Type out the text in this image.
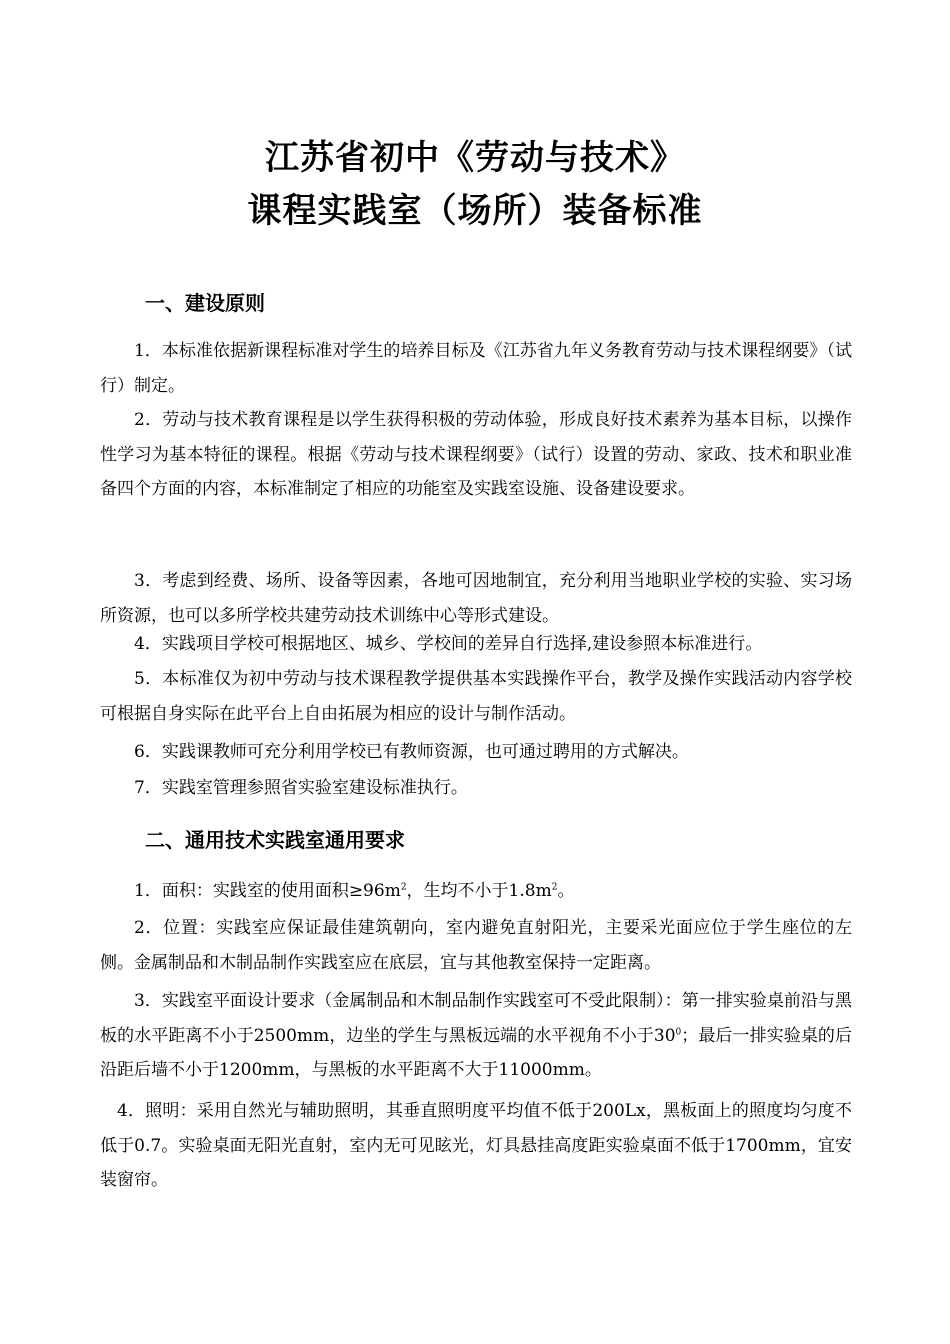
江苏省初中《劳动与技术》
课程实践室（场所）装备标准
一、建设原则
1．本标准依据新课程标准对学生的培养目标及《江苏省九年义务教育劳动与技术课程纲要》（试行）制定。
2．劳动与技术教育课程是以学生获得积极的劳动体验，形成良好技术素养为基本目标，以操作性学习为基本特征的课程。根据《劳动与技术课程纲要》（试行）设置的劳动、家政、技术和职业准备四个方面的内容，本标准制定了相应的功能室及实践室设施、设备建设要求。
3．考虑到经费、场所、设备等因素，各地可因地制宜，充分利用当地职业学校的实验、实习场所资源，也可以多所学校共建劳动技术训练中心等形式建设。
4．实践项目学校可根据地区、城乡、学校间的差异自行选择,建设参照本标准进行。
5．本标准仅为初中劳动与技术课程教学提供基本实践操作平台，教学及操作实践活动内容学校可根据自身实际在此平台上自由拓展为相应的设计与制作活动。
6．实践课教师可充分利用学校已有教师资源，也可通过聘用的方式解决。
7．实践室管理参照省实验室建设标准执行。
二、通用技术实践室通用要求
1．面积：实践室的使用面积$\ge 96m^2$，生均不小于$1.8m^2$。
2．位置：实践室应保证最佳建筑朝向，室内避免直射阳光，主要采光面应位于学生座位的左侧。金属制品和木制品制作实践室应在底层，宜与其他教室保持一定距离。
3．实践室平面设计要求（金属制品和木制品制作实践室可不受此限制）：第一排实验桌前沿与黑板的水平距离不小于2500mm，边坐的学生与黑板远端的水平视角不小于$30^0$；最后一排实验桌的后沿距后墙不小于1200mm，与黑板的水平距离不大于11000mm。
4．照明：采用自然光与辅助照明，其垂直照明度平均值不低于200Lx，黑板面上的照度均匀度不低于0.7。实验桌面无阳光直射，室内无可见眩光，灯具悬挂高度距实验桌面不低于1700mm，宜安装窗帘。
